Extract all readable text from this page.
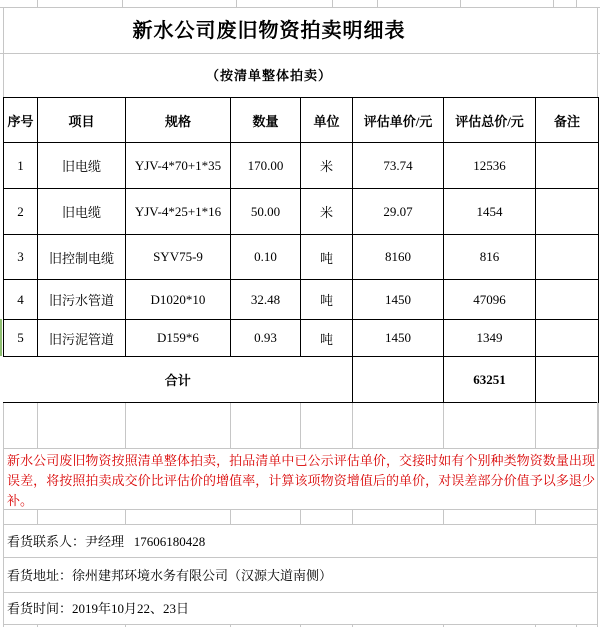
新水公司废旧物资拍卖明细表
（按清单整体拍卖）
序号	项目	规格	数量	单位	评估单价/元	评估总价/元	备注
1	旧电缆	YJV-4*70+1*35	170.00	米	73.74	12536	
2	旧电缆	YJV-4*25+1*16	50.00	米	29.07	1454	
3	旧控制电缆	SYV75-9	0.10	吨	8160	816	
4	旧污水管道	D1020*10	32.48	吨	1450	47096	
5	旧污泥管道	D159*6	0.93	吨	1450	1349	
合计						63251	

新水公司废旧物资按照清单整体拍卖，拍品清单中已公示评估单价，交接时如有个别种类物资数量出现误差，将按照拍卖成交价比评估价的增值率，计算该项物资增值后的单价，对误差部分价值予以多退少补。
看货联系人：尹经理   17606180428
看货地址：徐州建邦环境水务有限公司（汉源大道南侧）
看货时间：2019年10月22、23日
